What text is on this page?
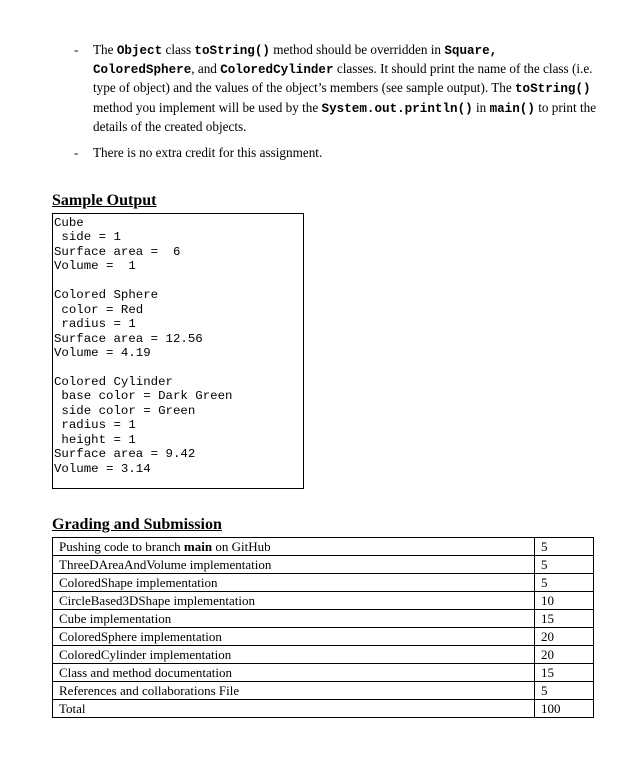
- The Object class toString() method should be overridden in Square, ColoredSphere, and ColoredCylinder classes. It should print the name of the class (i.e. type of object) and the values of the object’s members (see sample output). The toString() method you implement will be used by the System.out.println() in main() to print the details of the created objects.
- There is no extra credit for this assignment.
Sample Output
Cube
side = 1
Surface area =  6
Volume =  1

Colored Sphere
color = Red
radius = 1
Surface area = 12.56
Volume = 4.19

Colored Cylinder
base color = Dark Green
side color = Green
radius = 1
height = 1
Surface area = 9.42
Volume = 3.14
Grading and Submission
Pushing code to branch main on GitHub	5
ThreeDAreaAndVolume implementation	5
ColoredShape implementation	5
CircleBased3DShape implementation	10
Cube implementation	15
ColoredSphere implementation	20
ColoredCylinder implementation	20
Class and method documentation	15
References and collaborations File	5
Total	100
